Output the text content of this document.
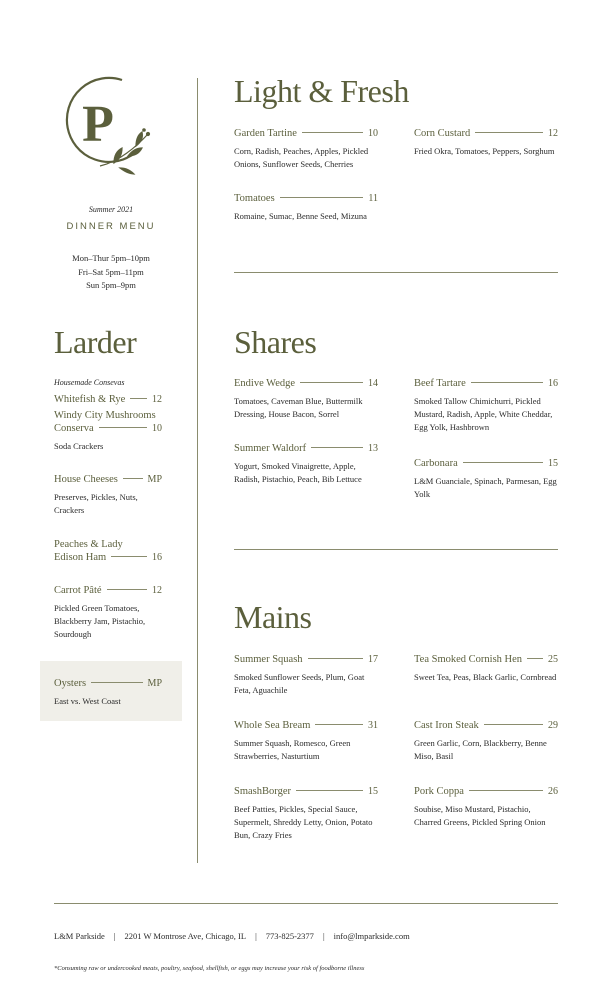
P
Summer 2021
DINNER MENU
Mon–Thur 5pm–10pm
Fri–Sat 5pm–11pm
Sun 5pm–9pm
Larder
Housemade Consevas
Whitefish & Rye	12
Windy City Mushrooms
Conserva	10
Soda Crackers
House Cheeses	MP
Preserves, Pickles, Nuts, Crackers
Peaches & Lady
Edison Ham	16
Carrot Pâté	12
Pickled Green Tomatoes, Blackberry Jam, Pistachio, Sourdough
Oysters	MP
East vs. West Coast
Light & Fresh
Garden Tartine	10
Corn, Radish, Peaches, Apples, Pickled Onions, Sunflower Seeds, Cherries
Corn Custard	12
Fried Okra, Tomatoes, Peppers, Sorghum
Tomatoes	11
Romaine, Sumac, Benne Seed, Mizuna
Shares
Endive Wedge	14
Tomatoes, Caveman Blue, Buttermilk Dressing, House Bacon, Sorrel
Beef Tartare	16
Smoked Tallow Chimichurri, Pickled Mustard, Radish, Apple, White Cheddar, Egg Yolk, Hashbrown
Summer Waldorf	13
Yogurt, Smoked Vinaigrette, Apple, Radish, Pistachio, Peach, Bib Lettuce
Carbonara	15
L&M Guanciale, Spinach, Parmesan, Egg Yolk
Mains
Summer Squash	17
Smoked Sunflower Seeds, Plum, Goat Feta, Aguachile
Tea Smoked Cornish Hen	25
Sweet Tea, Peas, Black Garlic, Cornbread
Whole Sea Bream	31
Summer Squash, Romesco, Green Strawberries, Nasturtium
Cast Iron Steak	29
Green Garlic, Corn, Blackberry, Benne Miso, Basil
SmashBorger	15
Beef Patties, Pickles, Special Sauce, Supermelt, Shreddy Letty, Onion, Potato Bun, Crazy Fries
Pork Coppa	26
Soubise, Miso Mustard, Pistachio, Charred Greens, Pickled Spring Onion
L&M Parkside | 2201 W Montrose Ave, Chicago, IL | 773-825-2377 | info@lmparkside.com
*Consuming raw or undercooked meats, poultry, seafood, shellfish, or eggs may increase your risk of foodborne illness
